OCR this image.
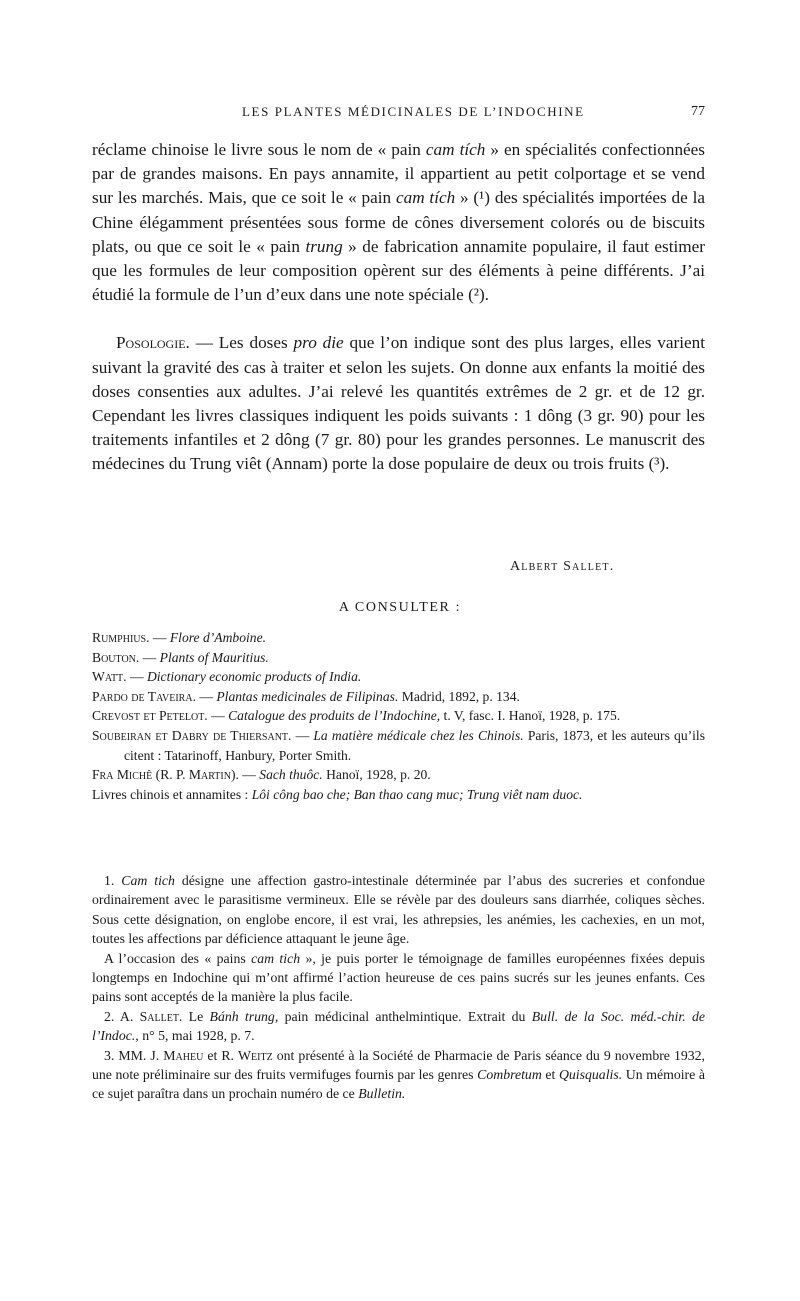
LES PLANTES MÉDICINALES DE L’INDOCHINE	77

réclame chinoise le livre sous le nom de « pain cam tích » en spécialités confectionnées par de grandes maisons. En pays annamite, il appartient au petit colportage et se vend sur les marchés. Mais, que ce soit le « pain cam tích » (¹) des spécialités importées de la Chine élégamment présentées sous forme de cônes diversement colorés ou de biscuits plats, ou que ce soit le « pain trung » de fabrication annamite populaire, il faut estimer que les formules de leur composition opèrent sur des éléments à peine différents. J’ai étudié la formule de l’un d’eux dans une note spéciale (²).

Posologie. — Les doses pro die que l’on indique sont des plus larges, elles varient suivant la gravité des cas à traiter et selon les sujets. On donne aux enfants la moitié des doses consenties aux adultes. J’ai relevé les quantités extrêmes de 2 gr. et de 12 gr. Cependant les livres classiques indiquent les poids suivants : 1 dông (3 gr. 90) pour les traitements infantiles et 2 dông (7 gr. 80) pour les grandes personnes. Le manuscrit des médecines du Trung viêt (Annam) porte la dose populaire de deux ou trois fruits (³).

Albert Sallet.
A CONSULTER :

Rumphius. — Flore d’Amboine.

Bouton. — Plants of Mauritius.

Watt. — Dictionary economic products of India.

Pardo de Taveira. — Plantas medicinales de Filipinas. Madrid, 1892, p. 134.

Crevost et Petelot. — Catalogue des produits de l’Indochine, t. V, fasc. I. Hanoï, 1928, p. 175.

Soubeiran et Dabry de Thiersant. — La matière médicale chez les Chinois. Paris, 1873, et les auteurs qu’ils citent : Tatarinoff, Hanbury, Porter Smith.

Fra Michê (R. P. Martin). — Sach thuôc. Hanoï, 1928, p. 20.

Livres chinois et annamites : Lôi công bao che; Ban thao cang muc; Trung viêt nam duoc.

1. Cam tich désigne une affection gastro-intestinale déterminée par l’abus des sucreries et confondue ordinairement avec le parasitisme vermineux. Elle se révèle par des douleurs sans diarrhée, coliques sèches. Sous cette désignation, on englobe encore, il est vrai, les athrepsies, les anémies, les cachexies, en un mot, toutes les affections par déficience attaquant le jeune âge.

A l’occasion des « pains cam tich », je puis porter le témoignage de familles européennes fixées depuis longtemps en Indochine qui m’ont affirmé l’action heureuse de ces pains sucrés sur les jeunes enfants. Ces pains sont acceptés de la manière la plus facile.

2. A. Sallet. Le Bánh trung, pain médicinal anthelmintique. Extrait du Bull. de la Soc. méd.-chir. de l’Indoc., n° 5, mai 1928, p. 7.

3. MM. J. Maheu et R. Weitz ont présenté à la Société de Pharmacie de Paris séance du 9 novembre 1932, une note préliminaire sur des fruits vermifuges fournis par les genres Combretum et Quisqualis. Un mémoire à ce sujet paraîtra dans un prochain numéro de ce Bulletin.
